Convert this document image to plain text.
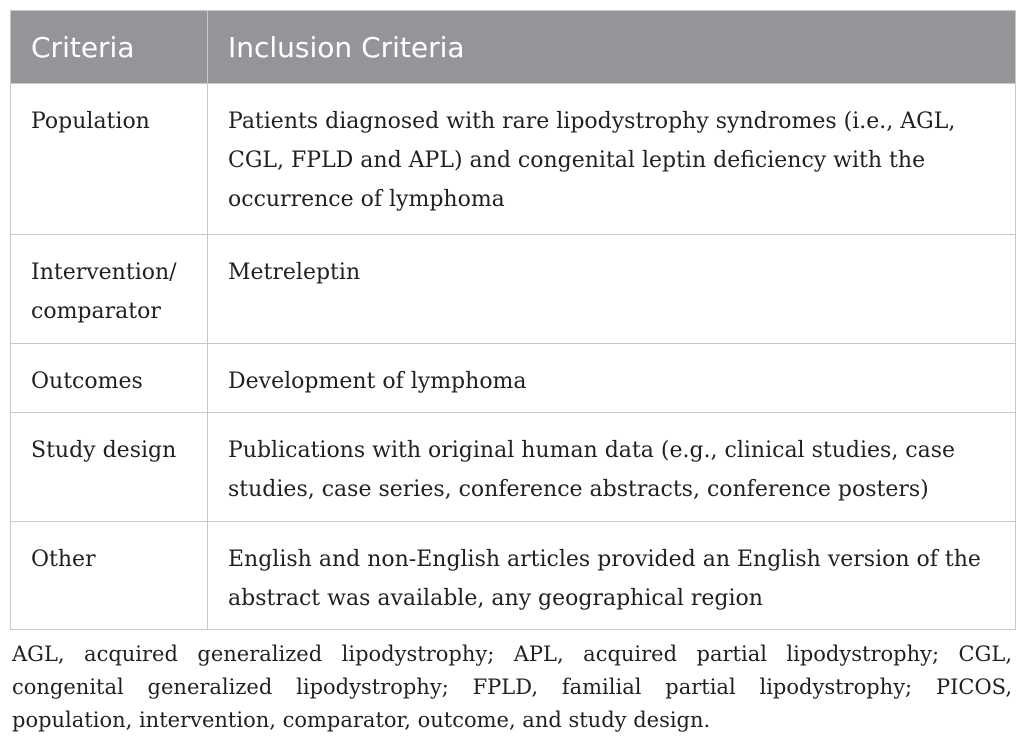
Criteria	Inclusion Criteria
Population	Patients diagnosed with rare lipodystrophy syndromes (i.e., AGL, CGL, FPLD and APL) and congenital leptin deficiency with the occurrence of lymphoma
Intervention/ comparator	Metreleptin
Outcomes	Development of lymphoma
Study design	Publications with original human data (e.g., clinical studies, case studies, case series, conference abstracts, conference posters)
Other	English and non-English articles provided an English version of the abstract was available, any geographical region
AGL, acquired generalized lipodystrophy; APL, acquired partial lipodystrophy; CGL, congenital generalized lipodystrophy; FPLD, familial partial lipodystrophy; PICOS, population, intervention, comparator, outcome, and study design.
